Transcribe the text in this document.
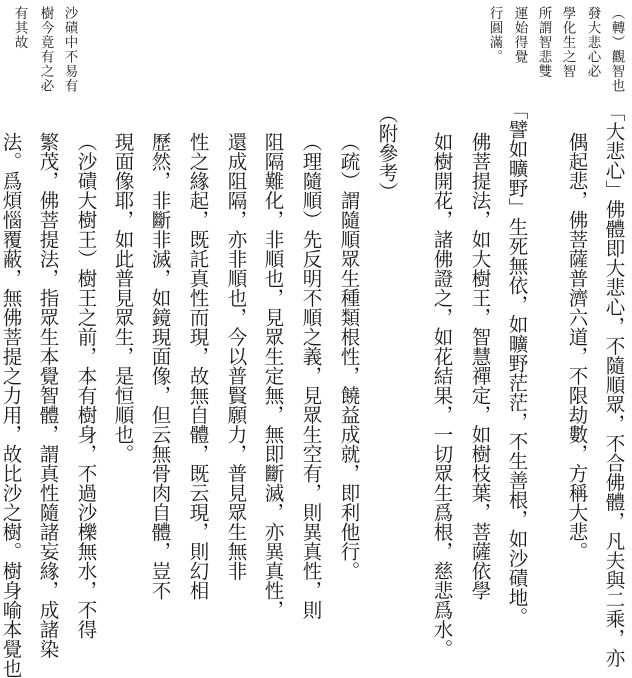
「大悲心」佛體即大悲心，不隨順眾，不合佛體，凡夫與二乘，亦
偶起悲，佛菩薩普濟六道，不限劫數，方稱大悲。
「譬如曠野」生死無依，如曠野茫茫，不生善根，如沙磧地。
佛菩提法，如大樹王，智慧禪定，如樹枝葉，菩薩依學
如樹開花，諸佛證之，如花結果，一切眾生爲根，慈悲爲水。
（附參考）
（疏）謂隨順眾生種類根性，饒益成就，即利他行。
（理隨順）先反明不順之義，見眾生空有，則異真性，則
阻隔難化，非順也，見眾生定無，無即斷滅，亦異真性，
還成阻隔，亦非順也，今以普賢願力，普見眾生無非
性之緣起，既託真性而現，故無自體，既云現，則幻相
歷然，非斷非滅，如鏡現面像，但云無骨肉自體，豈不
現面像耶，如此普見眾生，是恒順也。
（沙磧大樹王）樹王之前，本有樹身，不過沙櫟無水，不得
繁茂，佛菩提法，指眾生本覺智體，謂真性隨諸妄緣，成諸染
法。爲煩惱覆蔽，無佛菩提之力用，故比沙之樹。樹身喻本覺也
（轉）觀智也
發大悲心必
學化生之智
所謂智悲雙
運始得覺
行圓滿。
沙磧中不易有
樹今竟有之必
有其故
